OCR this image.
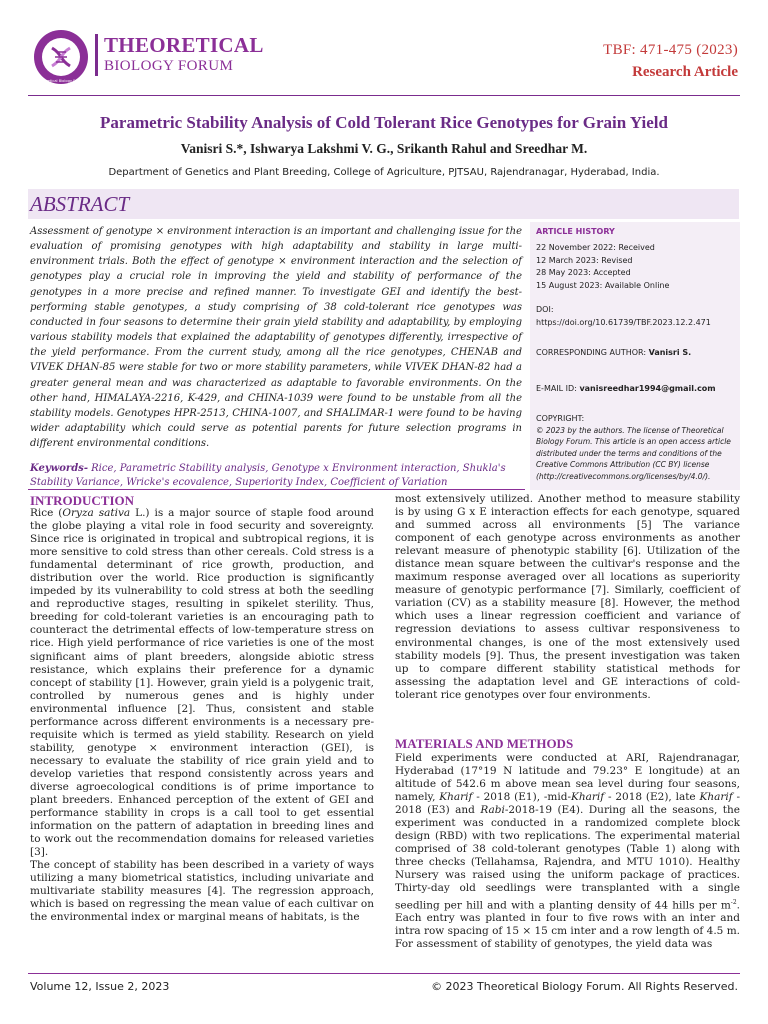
Theoretical Biology Forum
THEORETICAL
BIOLOGY FORUM
TBF: 471-475 (2023)
Research Article
Parametric Stability Analysis of Cold Tolerant Rice Genotypes for Grain Yield
Vanisri S.*, Ishwarya Lakshmi V. G., Srikanth Rahul and Sreedhar M.
Department of Genetics and Plant Breeding, College of Agriculture, PJTSAU, Rajendranagar, Hyderabad, India.
ABSTRACT
Assessment of genotype × environment interaction is an important and challenging issue for the evaluation of promising genotypes with high adaptability and stability in large multi-environment trials. Both the effect of genotype × environment interaction and the selection of genotypes play a crucial role in improving the yield and stability of performance of the genotypes in a more precise and refined manner. To investigate GEI and identify the best-performing stable genotypes, a study comprising of 38 cold-tolerant rice genotypes was conducted in four seasons to determine their grain yield stability and adaptability, by employing various stability models that explained the adaptability of genotypes differently, irrespective of the yield performance. From the current study, among all the rice genotypes, CHENAB and VIVEK DHAN-85 were stable for two or more stability parameters, while VIVEK DHAN-82 had a greater general mean and was characterized as adaptable to favorable environments. On the other hand, HIMALAYA-2216, K-429, and CHINA-1039 were found to be unstable from all the stability models. Genotypes HPR-2513, CHINA-1007, and SHALIMAR-1 were found to be having wider adaptability which could serve as potential parents for future selection programs in different environmental conditions.
Keywords- Rice, Parametric Stability analysis, Genotype x Environment interaction, Shukla's Stability Variance, Wricke's ecovalence, Superiority Index, Coefficient of Variation
ARTICLE HISTORY
22 November 2022: Received
12 March 2023: Revised
28 May 2023: Accepted
15 August 2023: Available Online
DOI:
https://doi.org/10.61739/TBF.2023.12.2.471
CORRESPONDING AUTHOR: Vanisri S.
E-MAIL ID: vanisreedhar1994@gmail.com
COPYRIGHT:
© 2023 by the authors. The license of Theoretical Biology Forum. This article is an open access article distributed under the terms and conditions of the Creative Commons Attribution (CC BY) license (http://creativecommons.org/licenses/by/4.0/).
INTRODUCTION

Rice (Oryza sativa L.) is a major source of staple food around the globe playing a vital role in food security and sovereignty. Since rice is originated in tropical and subtropical regions, it is more sensitive to cold stress than other cereals. Cold stress is a fundamental determinant of rice growth, production, and distribution over the world. Rice production is significantly impeded by its vulnerability to cold stress at both the seedling and reproductive stages, resulting in spikelet sterility. Thus, breeding for cold-tolerant varieties is an encouraging path to counteract the detrimental effects of low-temperature stress on rice. High yield performance of rice varieties is one of the most significant aims of plant breeders, alongside abiotic stress resistance, which explains their preference for a dynamic concept of stability [1]. However, grain yield is a polygenic trait, controlled by numerous genes and is highly under environmental influence [2]. Thus, consistent and stable performance across different environments is a necessary pre-requisite which is termed as yield stability. Research on yield stability, genotype × environment interaction (GEI), is necessary to evaluate the stability of rice grain yield and to develop varieties that respond consistently across years and diverse agroecological conditions is of prime importance to plant breeders. Enhanced perception of the extent of GEI and performance stability in crops is a call tool to get essential information on the pattern of adaptation in breeding lines and to work out the recommendation domains for released varieties [3].

The concept of stability has been described in a variety of ways utilizing a many biometrical statistics, including univariate and multivariate stability measures [4]. The regression approach, which is based on regressing the mean value of each cultivar on the environmental index or marginal means of habitats, is the

most extensively utilized. Another method to measure stability is by using G x E interaction effects for each genotype, squared and summed across all environments [5] The variance component of each genotype across environments as another relevant measure of phenotypic stability [6]. Utilization of the distance mean square between the cultivar's response and the maximum response averaged over all locations as superiority measure of genotypic performance [7]. Similarly, coefficient of variation (CV) as a stability measure [8]. However, the method which uses a linear regression coefficient and variance of regression deviations to assess cultivar responsiveness to environmental changes, is one of the most extensively used stability models [9]. Thus, the present investigation was taken up to compare different stability statistical methods for assessing the adaptation level and GE interactions of cold-tolerant rice genotypes over four environments.

MATERIALS AND METHODS

Field experiments were conducted at ARI, Rajendranagar, Hyderabad (17°19 N latitude and 79.23° E longitude) at an altitude of 542.6 m above mean sea level during four seasons, namely, Kharif - 2018 (E1), -mid-Kharif - 2018 (E2), late Kharif - 2018 (E3) and Rabi-2018-19 (E4). During all the seasons, the experiment was conducted in a randomized complete block design (RBD) with two replications. The experimental material comprised of 38 cold-tolerant genotypes (Table 1) along with three checks (Tellahamsa, Rajendra, and MTU 1010). Healthy Nursery was raised using the uniform package of practices. Thirty-day old seedlings were transplanted with a single seedling per hill and with a planting density of 44 hills per $m^{-2}$. Each entry was planted in four to five rows with an inter and intra row spacing of 15 × 15 cm inter and a row length of 4.5 m. For assessment of stability of genotypes, the yield data was

Volume 12, Issue 2, 2023	© 2023 Theoretical Biology Forum. All Rights Reserved.
